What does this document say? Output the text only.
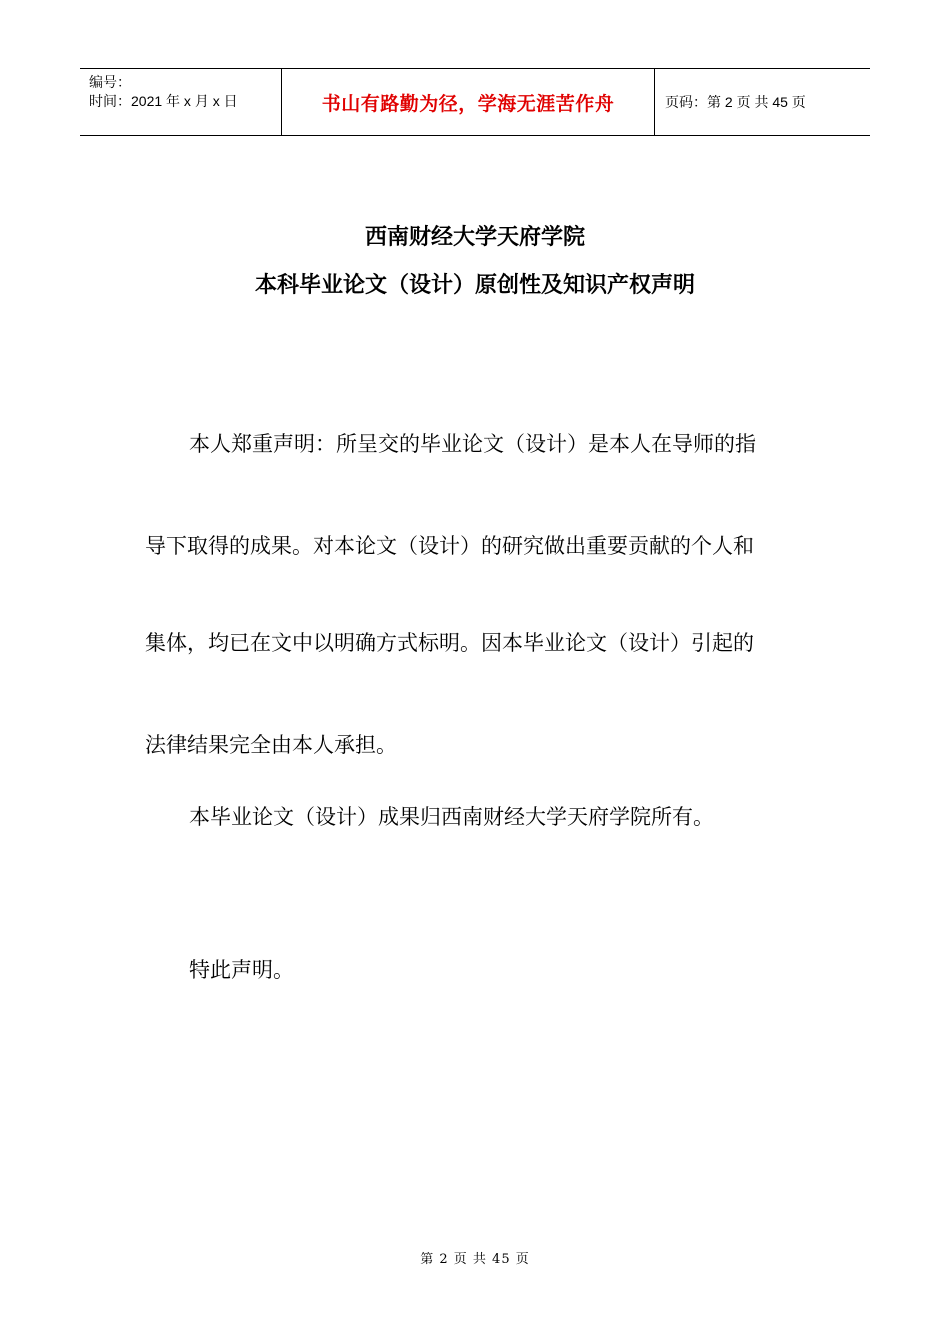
编号：
时间：2021 年 x 月 x 日	书山有路勤为径，学海无涯苦作舟	页码：第 2 页 共 45 页
西南财经大学天府学院
本科毕业论文（设计）原创性及知识产权声明
本人郑重声明：所呈交的毕业论文（设计）是本人在导师的指
导下取得的成果。对本论文（设计）的研究做出重要贡献的个人和
集体，均已在文中以明确方式标明。因本毕业论文（设计）引起的
法律结果完全由本人承担。
本毕业论文（设计）成果归西南财经大学天府学院所有。
特此声明。
第 2 页 共 45 页
